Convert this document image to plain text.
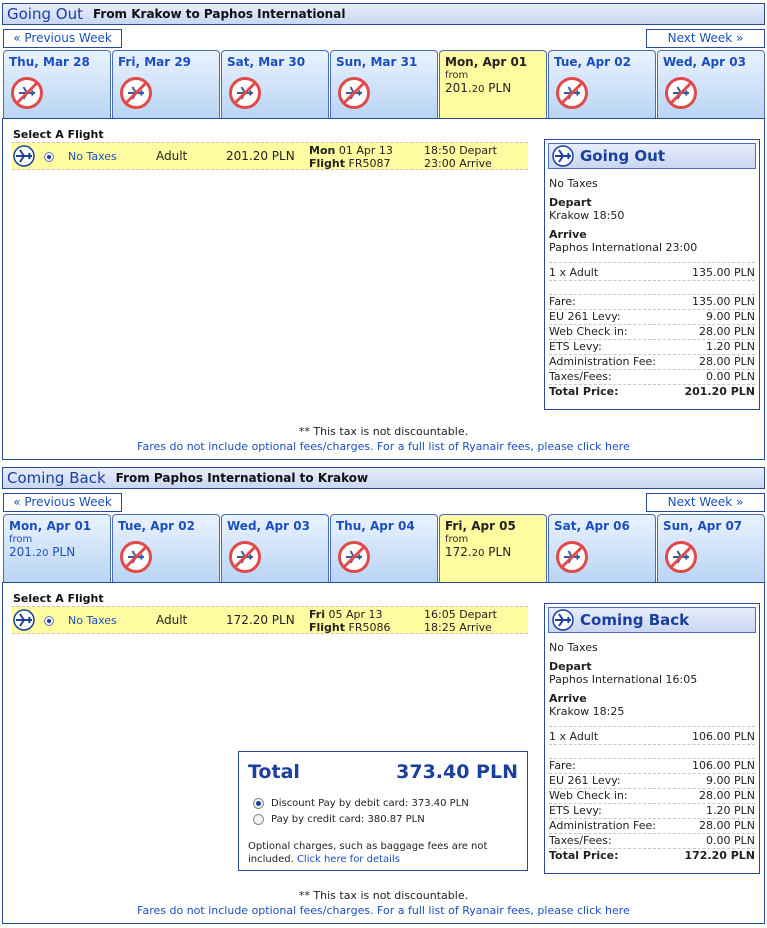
Going Out From Krakow to Paphos International
« Previous Week	Next Week »
Thu, Mar 28	Fri, Mar 29	Sat, Mar 30	Sun, Mar 31	Mon, Apr 01
from
201.20 PLN
Tue, Apr 02	Wed, Apr 03
Select A Flight
No Taxes	Adult	201.20 PLN Mon 01 Apr 13
Flight FR5087
18:50 Depart
23:00 Arrive	Going Out
No Taxes
Depart
Krakow 18:50
Arrive
Paphos International 23:00
1 x Adult	135.00 PLN
Fare:	135.00 PLN
EU 261 Levy:	9.00 PLN
Web Check in:	28.00 PLN
ETS Levy:	1.20 PLN
Administration Fee:	28.00 PLN
Taxes/Fees:	0.00 PLN
Total Price:	201.20 PLN
** This tax is not discountable.
Fares do not include optional fees/charges. For a full list of Ryanair fees, please click here
Coming Back From Paphos International to Krakow
« Previous Week	Next Week »
Mon, Apr 01
from
201.20 PLN
Tue, Apr 02	Wed, Apr 03	Thu, Apr 04	Fri, Apr 05
from
172.20 PLN
Sat, Apr 06	Sun, Apr 07
Select A Flight
No Taxes	Adult	172.20 PLN Fri 05 Apr 13
Flight FR5086
16:05 Depart
18:25 Arrive	Coming Back
No Taxes
Depart
Paphos International 16:05
Arrive
Krakow 18:25
1 x Adult	106.00 PLN
Fare:	106.00 PLN
EU 261 Levy:	9.00 PLN
Web Check in:	28.00 PLN
ETS Levy:	1.20 PLN
Administration Fee:	28.00 PLN
Taxes/Fees:	0.00 PLN
Total Price:	172.20 PLN
Total	373.40 PLN
Discount Pay by debit card: 373.40 PLN
Pay by credit card: 380.87 PLN
Optional charges, such as baggage fees are not included. Click here for details
** This tax is not discountable.
Fares do not include optional fees/charges. For a full list of Ryanair fees, please click here
